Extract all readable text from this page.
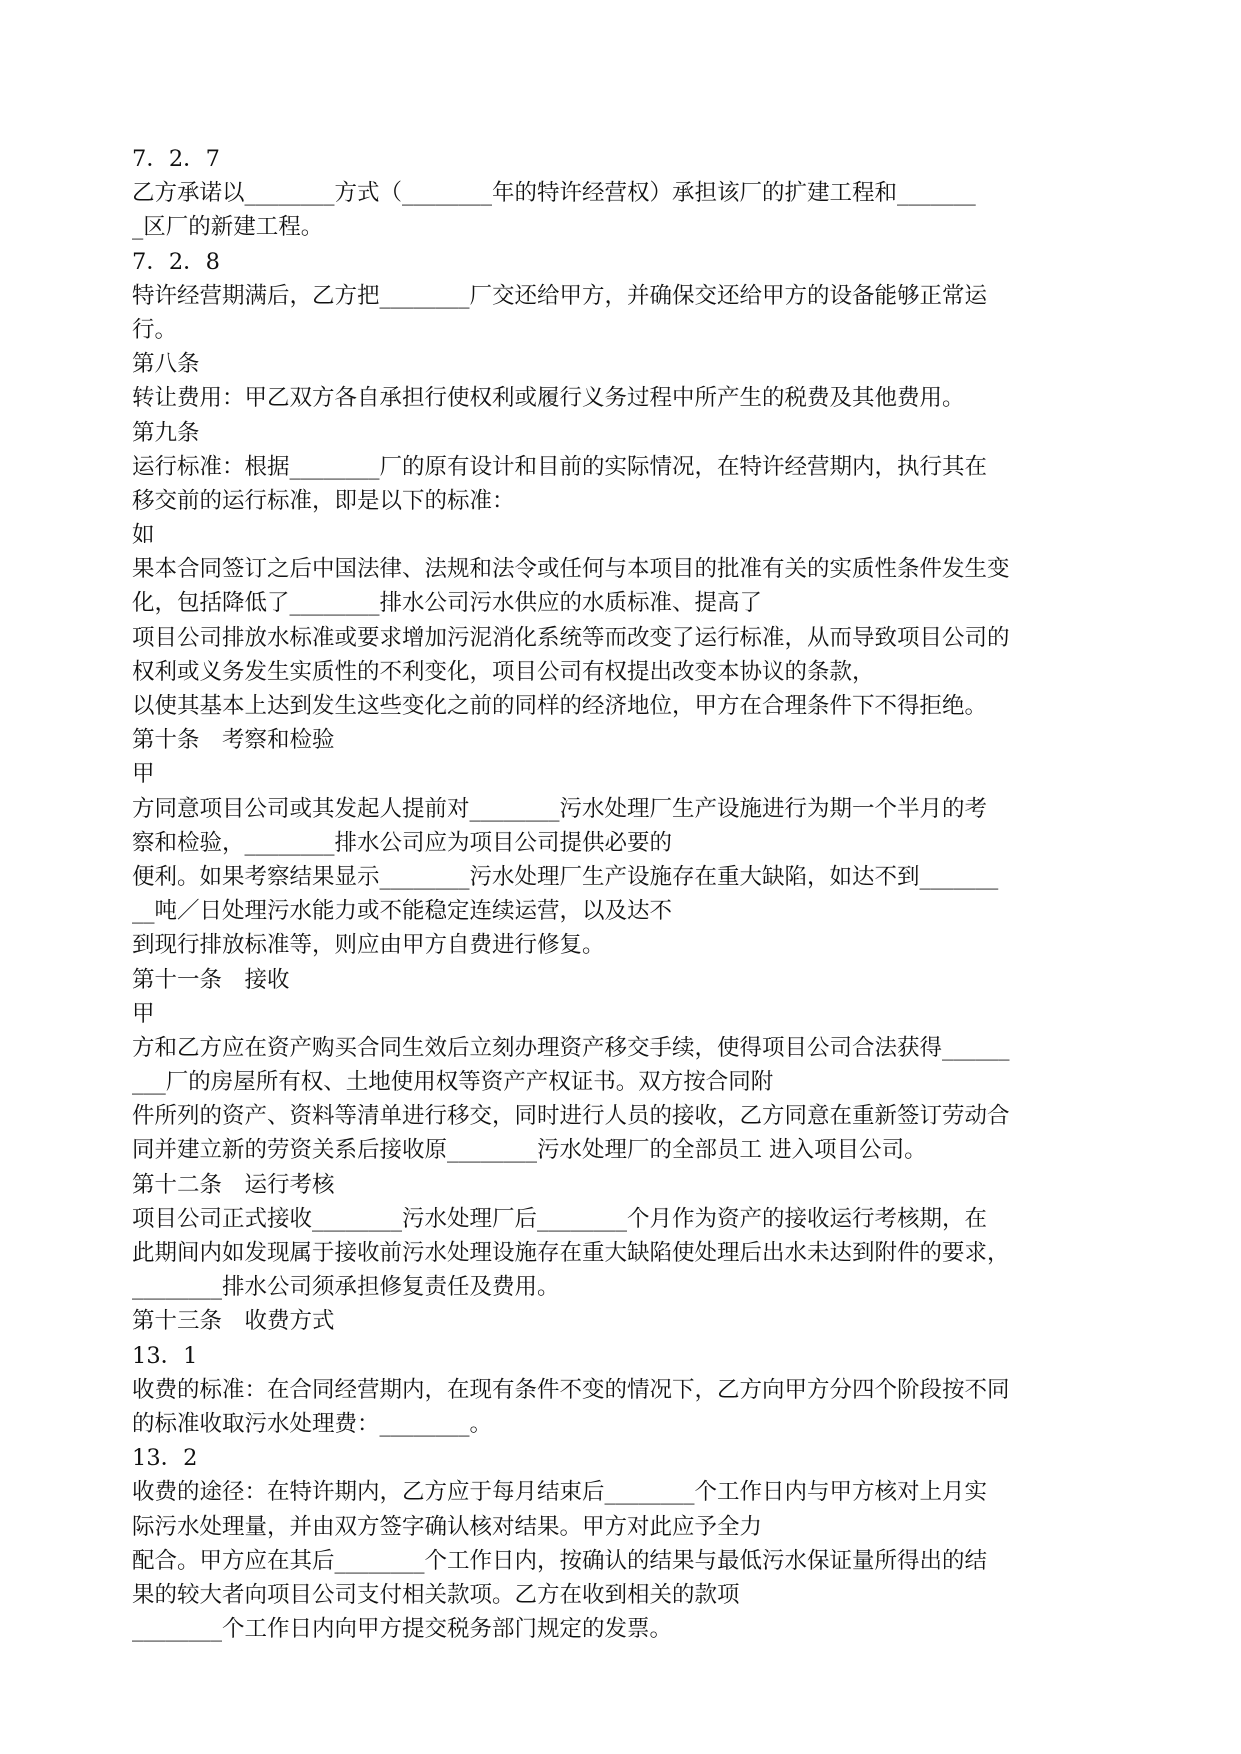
7．2．7
乙方承诺以________方式（________年的特许经营权）承担该厂的扩建工程和_______
_区厂的新建工程。
7．2．8
特许经营期满后，乙方把________厂交还给甲方，并确保交还给甲方的设备能够正常运
行。
第八条
转让费用：甲乙双方各自承担行使权利或履行义务过程中所产生的税费及其他费用。
第九条
运行标准：根据________厂的原有设计和目前的实际情况，在特许经营期内，执行其在
移交前的运行标准，即是以下的标准：
如
果本合同签订之后中国法律、法规和法令或任何与本项目的批准有关的实质性条件发生变
化，包括降低了________排水公司污水供应的水质标准、提高了
项目公司排放水标准或要求增加污泥消化系统等而改变了运行标准，从而导致项目公司的
权利或义务发生实质性的不利变化，项目公司有权提出改变本协议的条款，
以使其基本上达到发生这些变化之前的同样的经济地位，甲方在合理条件下不得拒绝。
第十条　考察和检验
甲
方同意项目公司或其发起人提前对________污水处理厂生产设施进行为期一个半月的考
察和检验，________排水公司应为项目公司提供必要的
便利。如果考察结果显示________污水处理厂生产设施存在重大缺陷，如达不到_______
__吨／日处理污水能力或不能稳定连续运营，以及达不
到现行排放标准等，则应由甲方自费进行修复。
第十一条　接收
甲
方和乙方应在资产购买合同生效后立刻办理资产移交手续，使得项目公司合法获得______
___厂的房屋所有权、土地使用权等资产产权证书。双方按合同附
件所列的资产、资料等清单进行移交，同时进行人员的接收，乙方同意在重新签订劳动合
同并建立新的劳资关系后接收原________污水处理厂的全部员工 进入项目公司。
第十二条　运行考核
项目公司正式接收________污水处理厂后________个月作为资产的接收运行考核期，在
此期间内如发现属于接收前污水处理设施存在重大缺陷使处理后出水未达到附件的要求，
________排水公司须承担修复责任及费用。
第十三条　收费方式
13．1
收费的标准：在合同经营期内，在现有条件不变的情况下，乙方向甲方分四个阶段按不同
的标准收取污水处理费：________。
13．2
收费的途径：在特许期内，乙方应于每月结束后________个工作日内与甲方核对上月实
际污水处理量，并由双方签字确认核对结果。甲方对此应予全力
配合。甲方应在其后________个工作日内，按确认的结果与最低污水保证量所得出的结
果的较大者向项目公司支付相关款项。乙方在收到相关的款项
________个工作日内向甲方提交税务部门规定的发票。
